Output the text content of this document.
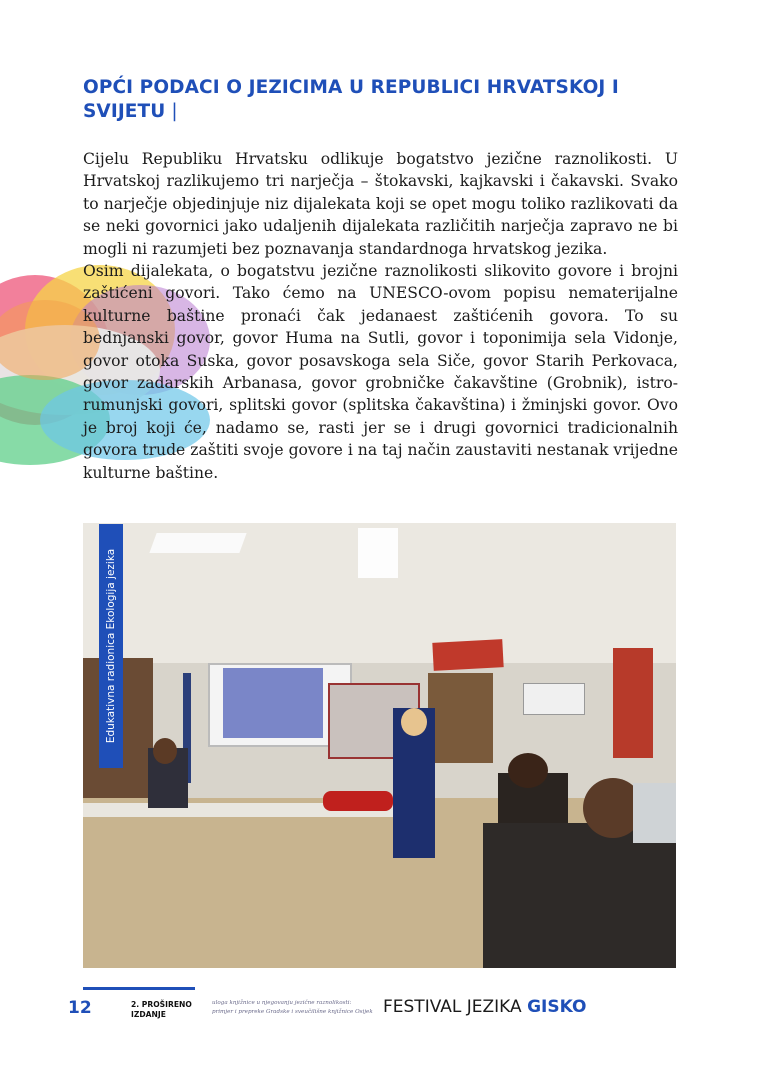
OPĆI PODACI O JEZICIMA U REPUBLICI HRVATSKOJ I
SVIJETU |

Cijelu Republiku Hrvatsku odlikuje bogatstvo jezične raznolikosti. U Hrvatskoj razlikujemo tri narječja – štokavski, kajkavski i čakavski. Svako to narječje objedinjuje niz dijalekata koji se opet mogu toliko razlikovati da se neki govornici jako udaljenih dijalekata različitih narječja zapravo ne bi mogli ni razumjeti bez poznavanja standardnoga hrvatskog jezika.

Osim dijalekata, o bogatstvu jezične raznolikosti slikovito govore i brojni zaštićeni govori. Tako ćemo na UNESCO-ovom popisu nematerijalne kulturne baštine pronaći čak jedanaest zaštićenih govora. To su bednjanski govor, govor Huma na Sutli, govor i toponimija sela Vidonje, govor otoka Suska, govor posavskoga sela Siče, govor Starih Perkovaca, govor zadarskih Arbanasa, govor grobničke čakavštine (Grobnik), istro-rumunjski govori, splitski govor (splitska čakavština) i žminjski govor. Ovo je broj koji će, nadamo se, rasti jer se i drugi govornici tradicionalnih govora trude zaštiti svoje govore i na taj način zaustaviti nestanak vrijedne kulturne baštine.

Edukativna radionica Ekologija jezika
12	2. PROŠIRENO
IZDANJE
uloga knjižnice u njegovanju jezične raznolikosti:
primjer i prepreke Gradske i sveučilišne knjižnice Osijek FESTIVAL JEZIKA GISKO
